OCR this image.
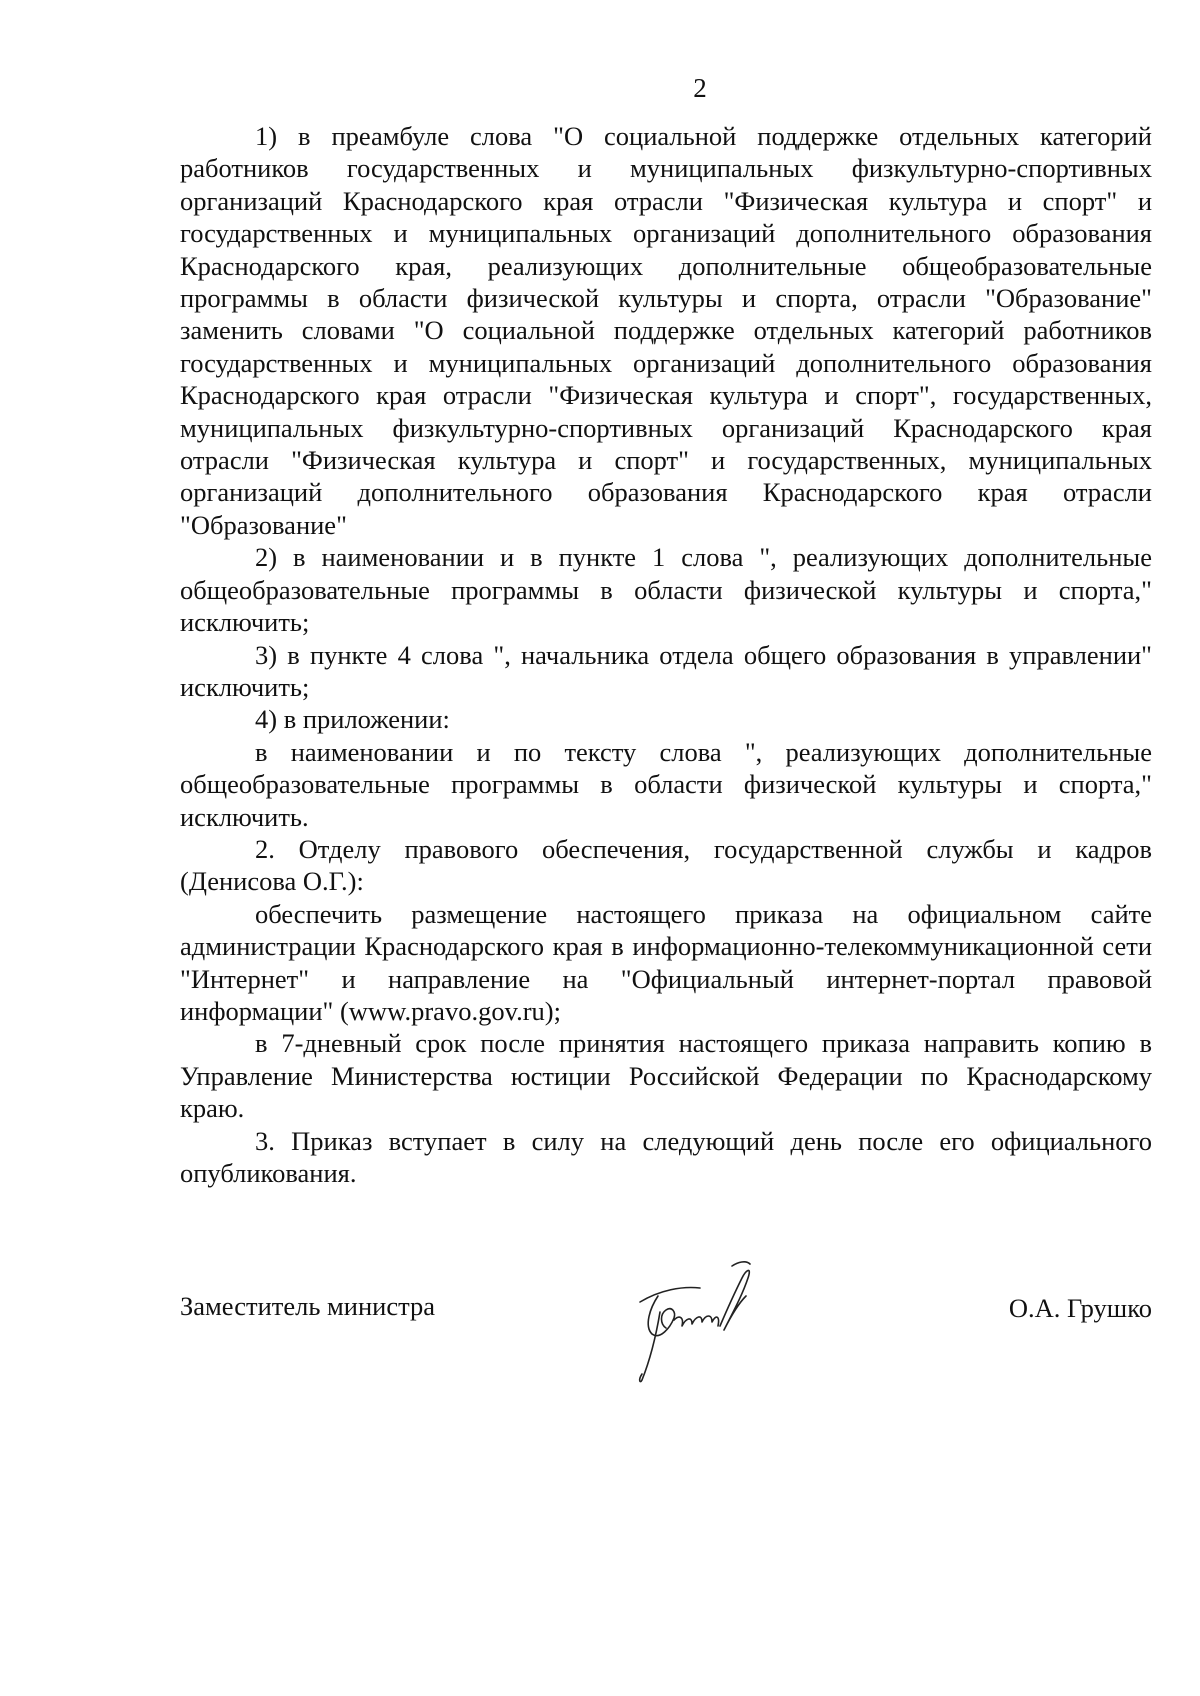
2

1) в преамбуле слова "О социальной поддержке отдельных категорий работников государственных и муниципальных физкультурно-спортивных организаций Краснодарского края отрасли "Физическая культура и спорт" и государственных и муниципальных организаций дополнительного образования Краснодарского края, реализующих дополнительные общеобразовательные программы в области физической культуры и спорта, отрасли "Образование" заменить словами "О социальной поддержке отдельных категорий работников государственных и муниципальных организаций дополнительного образования Краснодарского края отрасли "Физическая культура и спорт", государственных, муниципальных физкультурно-спортивных организаций Краснодарского края отрасли "Физическая культура и спорт" и государственных, муниципальных организаций дополнительного образования Краснодарского края отрасли "Образование"

2) в наименовании и в пункте 1 слова ", реализующих дополнительные общеобразовательные программы в области физической культуры и спорта," исключить;

3) в пункте 4 слова ", начальника отдела общего образования в управлении" исключить;

4) в приложении:

в наименовании и по тексту слова ", реализующих дополнительные общеобразовательные программы в области физической культуры и спорта," исключить.

2. Отделу правового обеспечения, государственной службы и кадров (Денисова О.Г.):

обеспечить размещение настоящего приказа на официальном сайте администрации Краснодарского края в информационно-телекоммуникационной сети "Интернет" и направление на "Официальный интернет-портал правовой информации" (www.pravo.gov.ru);

в 7-дневный срок после принятия настоящего приказа направить копию в Управление Министерства юстиции Российской Федерации по Краснодарскому краю.

3. Приказ вступает в силу на следующий день после его официального опубликования.

Заместитель министра	О.А. Грушко
